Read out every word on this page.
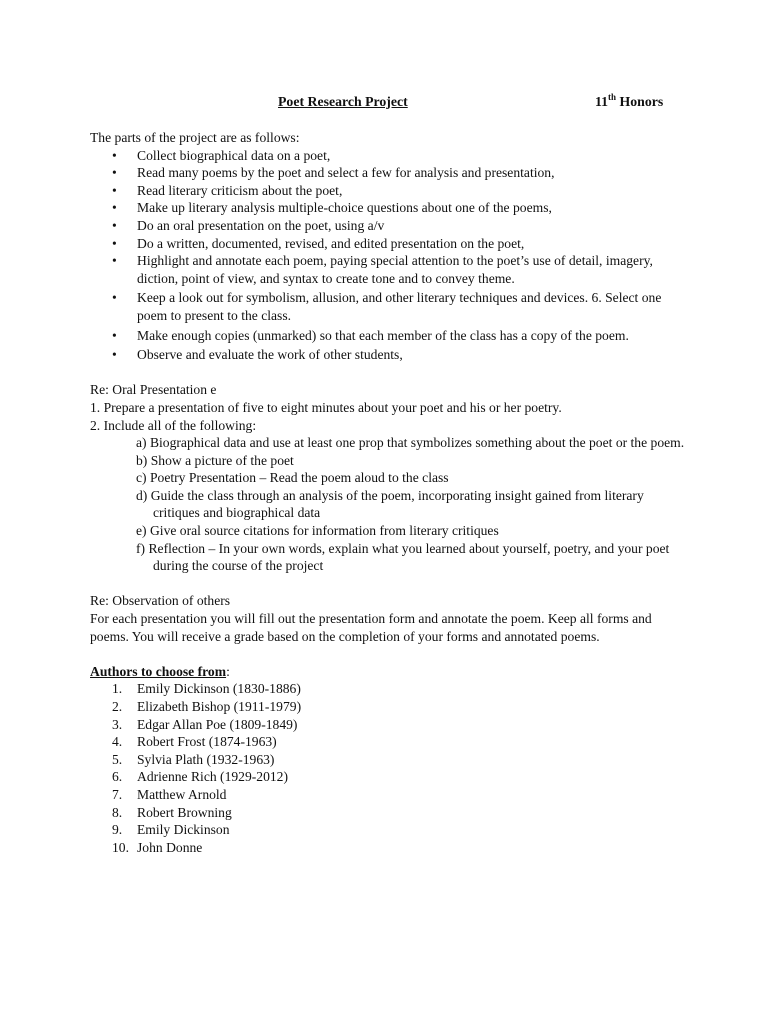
Poet Research Project	11th Honors

The parts of the project are as follows:

• Collect biographical data on a poet,
• Read many poems by the poet and select a few for analysis and presentation,
• Read literary criticism about the poet,
• Make up literary analysis multiple-choice questions about one of the poems,
• Do an oral presentation on the poet, using a/v
• Do a written, documented, revised, and edited presentation on the poet,
• Highlight and annotate each poem, paying special attention to the poet’s use of detail, imagery, diction, point of view, and syntax to create tone and to convey theme.
• Keep a look out for symbolism, allusion, and other literary techniques and devices. 6. Select one poem to present to the class.
• Make enough copies (unmarked) so that each member of the class has a copy of the poem.
• Observe and evaluate the work of other students,

Re: Oral Presentation e

1. Prepare a presentation of five to eight minutes about your poet and his or her poetry.

2. Include all of the following:

a) Biographical data and use at least one prop that symbolizes something about the poet or the poem.
b) Show a picture of the poet
c) Poetry Presentation – Read the poem aloud to the class
d) Guide the class through an analysis of the poem, incorporating insight gained from literary critiques and biographical data
e) Give oral source citations for information from literary critiques
f) Reflection – In your own words, explain what you learned about yourself, poetry, and your poet during the course of the project

Re: Observation of others

For each presentation you will fill out the presentation form and annotate the poem. Keep all forms and poems. You will receive a grade based on the completion of your forms and annotated poems.

Authors to choose from:

1.	Emily Dickinson (1830-1886)
2.	Elizabeth Bishop (1911-1979)
3.	Edgar Allan Poe (1809-1849)
4.	Robert Frost (1874-1963)
5.	Sylvia Plath (1932-1963)
6.	Adrienne Rich (1929-2012)
7.	Matthew Arnold
8.	Robert Browning
9.	Emily Dickinson
10. John Donne
